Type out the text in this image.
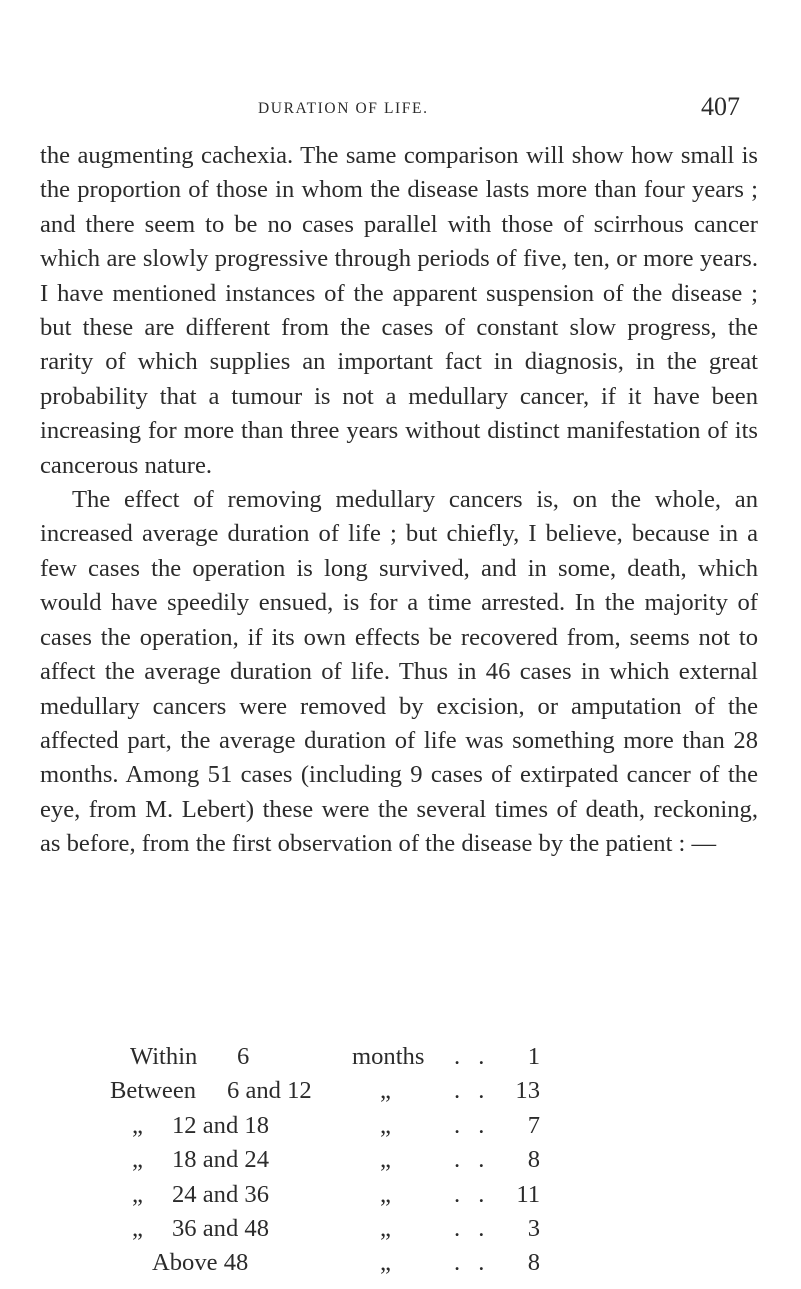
DURATION OF LIFE.	407

the augmenting cachexia. The same comparison will show how small is the proportion of those in whom the disease lasts more than four years ; and there seem to be no cases parallel with those of scirrhous cancer which are slowly progressive through periods of five, ten, or more years. I have mentioned instances of the apparent suspension of the disease ; but these are different from the cases of constant slow progress, the rarity of which supplies an important fact in diagnosis, in the great probability that a tumour is not a medullary cancer, if it have been increasing for more than three years without distinct manifestation of its cancerous nature.

The effect of removing medullary cancers is, on the whole, an increased average duration of life ; but chiefly, I believe, because in a few cases the operation is long survived, and in some, death, which would have speedily ensued, is for a time arrested. In the majority of cases the operation, if its own effects be recovered from, seems not to affect the average duration of life. Thus in 46 cases in which external medullary cancers were removed by excision, or amputation of the affected part, the average duration of life was something more than 28 months. Among 51 cases (including 9 cases of extirpated cancer of the eye, from M. Lebert) these were the several times of death, reckoning, as before, from the first observation of the disease by the patient : —

Within 6	months . .	1
Between 6 and 12	„	. .	13
„ 12 and 18	„	. .	7
„ 18 and 24	„	. .	8
„ 24 and 36	„	. .	11
„ 36 and 48	„	. .	3
Above 48	„	. .	8
